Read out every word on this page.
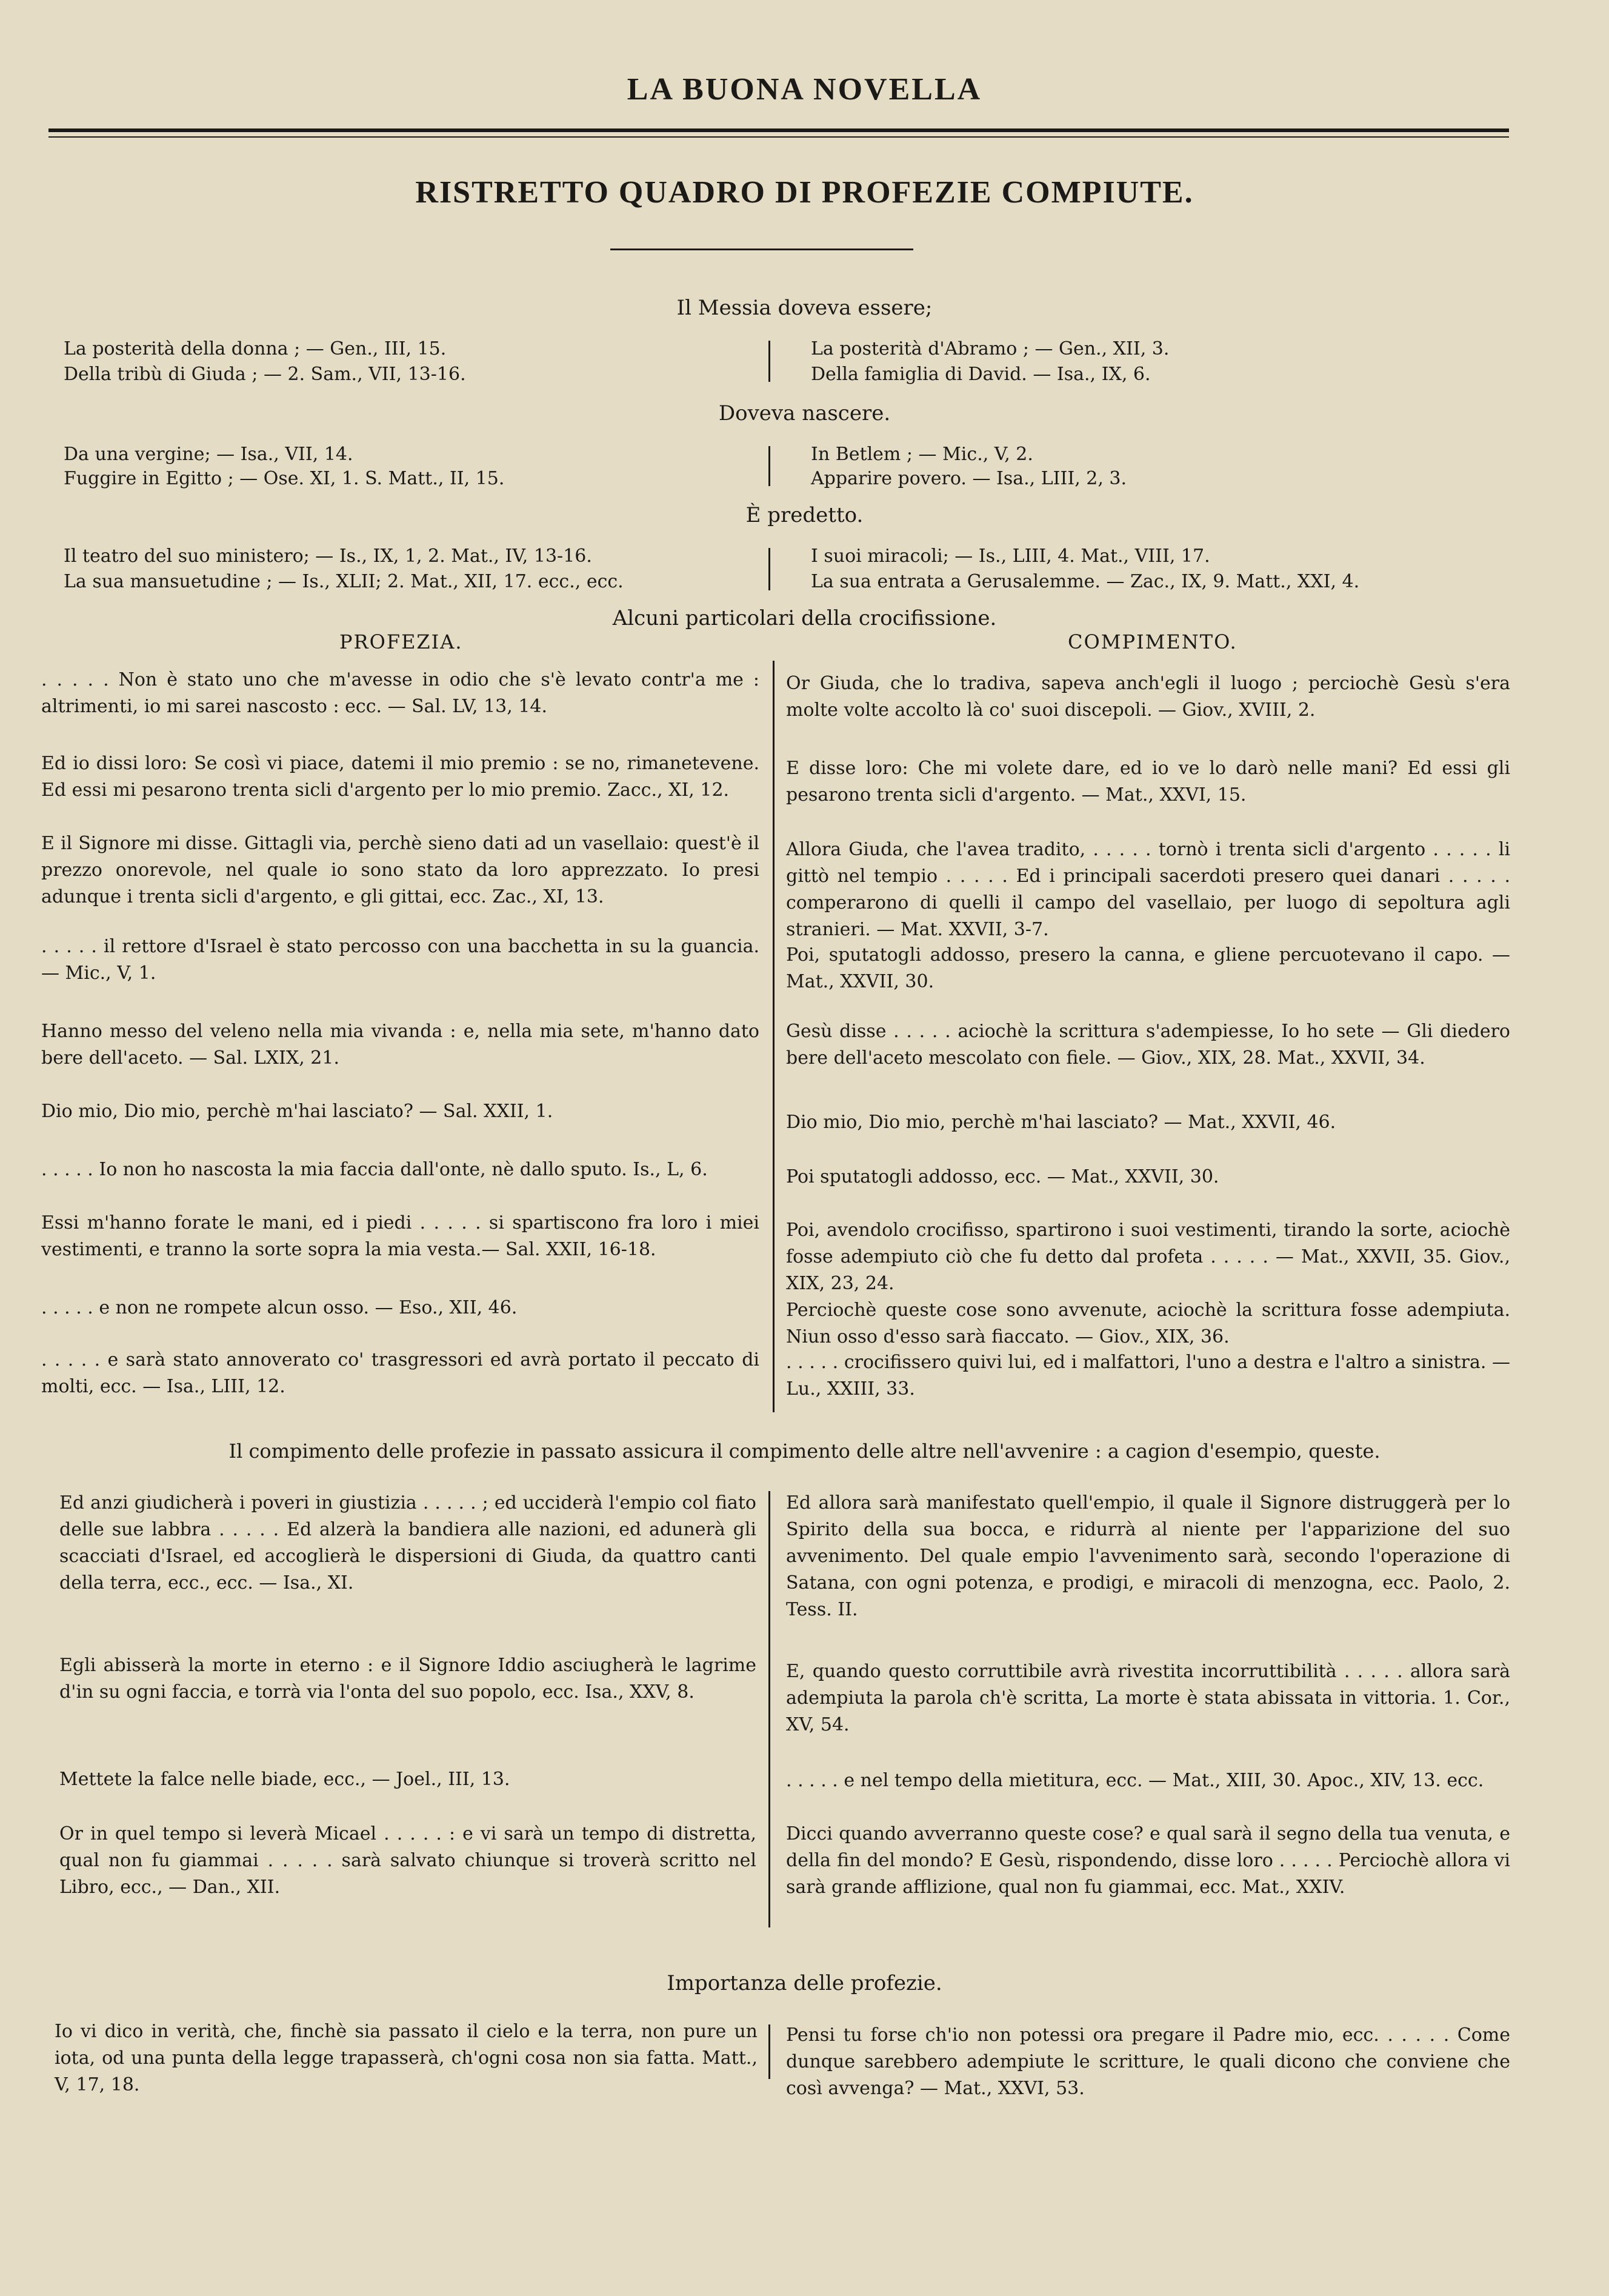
LA BUONA NOVELLA
RISTRETTO QUADRO DI PROFEZIE COMPIUTE.
Il Messia doveva essere;
La posterità della donna ; — Gen., III, 15.
Della tribù di Giuda ; — 2. Sam., VII, 13-16.
La posterità d'Abramo ; — Gen., XII, 3.
Della famiglia di David. — Isa., IX, 6.
Doveva nascere.
Da una vergine; — Isa., VII, 14.
Fuggire in Egitto ; — Ose. XI, 1. S. Matt., II, 15.
In Betlem ; — Mic., V, 2.
Apparire povero. — Isa., LIII, 2, 3.
È predetto.
Il teatro del suo ministero; — Is., IX, 1, 2. Mat., IV, 13-16.
La sua mansuetudine ; — Is., XLII; 2. Mat., XII, 17. ecc., ecc.
I suoi miracoli; — Is., LIII, 4. Mat., VIII, 17.
La sua entrata a Gerusalemme. — Zac., IX, 9. Matt., XXI, 4.
Alcuni particolari della crocifissione.
PROFEZIA.	COMPIMENTO.
. . . . . Non è stato uno che m'avesse in odio che s'è levato contr'a me : altrimenti, io mi sarei nascosto : ecc. — Sal. LV, 13, 14.
Ed io dissi loro: Se così vi piace, datemi il mio premio : se no, rimanetevene. Ed essi mi pesarono trenta sicli d'argento per lo mio premio. Zacc., XI, 12.
E il Signore mi disse. Gittagli via, perchè sieno dati ad un vasellaio: quest'è il prezzo onorevole, nel quale io sono stato da loro apprezzato. Io presi adunque i trenta sicli d'argento, e gli gittai, ecc. Zac., XI, 13.
. . . . . il rettore d'Israel è stato percosso con una bacchetta in su la guancia. — Mic., V, 1.
Hanno messo del veleno nella mia vivanda : e, nella mia sete, m'hanno dato bere dell'aceto. — Sal. LXIX, 21.
Dio mio, Dio mio, perchè m'hai lasciato? — Sal. XXII, 1.
. . . . . Io non ho nascosta la mia faccia dall'onte, nè dallo sputo. Is., L, 6.
Essi m'hanno forate le mani, ed i piedi . . . . . si spartiscono fra loro i miei vestimenti, e tranno la sorte sopra la mia vesta.— Sal. XXII, 16-18.
. . . . . e non ne rompete alcun osso. — Eso., XII, 46.
. . . . . e sarà stato annoverato co' trasgressori ed avrà portato il peccato di molti, ecc. — Isa., LIII, 12.
Or Giuda, che lo tradiva, sapeva anch'egli il luogo ; perciochè Gesù s'era molte volte accolto là co' suoi discepoli. — Giov., XVIII, 2.
E disse loro: Che mi volete dare, ed io ve lo darò nelle mani? Ed essi gli pesarono trenta sicli d'argento. — Mat., XXVI, 15.
Allora Giuda, che l'avea tradito, . . . . . tornò i trenta sicli d'argento . . . . . li gittò nel tempio . . . . . Ed i principali sacerdoti presero quei danari . . . . . comperarono di quelli il campo del vasellaio, per luogo di sepoltura agli stranieri. — Mat. XXVII, 3-7.
Poi, sputatogli addosso, presero la canna, e gliene percuotevano il capo. — Mat., XXVII, 30.
Gesù disse . . . . . aciochè la scrittura s'adempiesse, Io ho sete — Gli diedero bere dell'aceto mescolato con fiele. — Giov., XIX, 28. Mat., XXVII, 34.
Dio mio, Dio mio, perchè m'hai lasciato? — Mat., XXVII, 46.
Poi sputatogli addosso, ecc. — Mat., XXVII, 30.
Poi, avendolo crocifisso, spartirono i suoi vestimenti, tirando la sorte, aciochè fosse adempiuto ciò che fu detto dal profeta . . . . . — Mat., XXVII, 35. Giov., XIX, 23, 24.
Perciochè queste cose sono avvenute, aciochè la scrittura fosse adempiuta. Niun osso d'esso sarà fiaccato. — Giov., XIX, 36.
. . . . . crocifissero quivi lui, ed i malfattori, l'uno a destra e l'altro a sinistra. — Lu., XXIII, 33.
Il compimento delle profezie in passato assicura il compimento delle altre nell'avvenire : a cagion d'esempio, queste.
Ed anzi giudicherà i poveri in giustizia . . . . . ; ed ucciderà l'empio col fiato delle sue labbra . . . . . Ed alzerà la bandiera alle nazioni, ed adunerà gli scacciati d'Israel, ed accoglierà le dispersioni di Giuda, da quattro canti della terra, ecc., ecc. — Isa., XI.
Egli abisserà la morte in eterno : e il Signore Iddio asciugherà le lagrime d'in su ogni faccia, e torrà via l'onta del suo popolo, ecc. Isa., XXV, 8.
Mettete la falce nelle biade, ecc., — Joel., III, 13.
Or in quel tempo si leverà Micael . . . . . : e vi sarà un tempo di distretta, qual non fu giammai . . . . . sarà salvato chiunque si troverà scritto nel Libro, ecc., — Dan., XII.
Ed allora sarà manifestato quell'empio, il quale il Signore distruggerà per lo Spirito della sua bocca, e ridurrà al niente per l'apparizione del suo avvenimento. Del quale empio l'avvenimento sarà, secondo l'operazione di Satana, con ogni potenza, e prodigi, e miracoli di menzogna, ecc. Paolo, 2. Tess. II.
E, quando questo corruttibile avrà rivestita incorruttibilità . . . . . allora sarà adempiuta la parola ch'è scritta, La morte è stata abissata in vittoria. 1. Cor., XV, 54.
. . . . . e nel tempo della mietitura, ecc. — Mat., XIII, 30. Apoc., XIV, 13. ecc.
Dicci quando avverranno queste cose? e qual sarà il segno della tua venuta, e della fin del mondo? E Gesù, rispondendo, disse loro . . . . . Perciochè allora vi sarà grande afflizione, qual non fu giammai, ecc. Mat., XXIV.
Importanza delle profezie.
Io vi dico in verità, che, finchè sia passato il cielo e la terra, non pure un iota, od una punta della legge trapasserà, ch'ogni cosa non sia fatta. Matt., V, 17, 18.
Pensi tu forse ch'io non potessi ora pregare il Padre mio, ecc. . . . . . Come dunque sarebbero adempiute le scritture, le quali dicono che conviene che così avvenga? — Mat., XXVI, 53.
